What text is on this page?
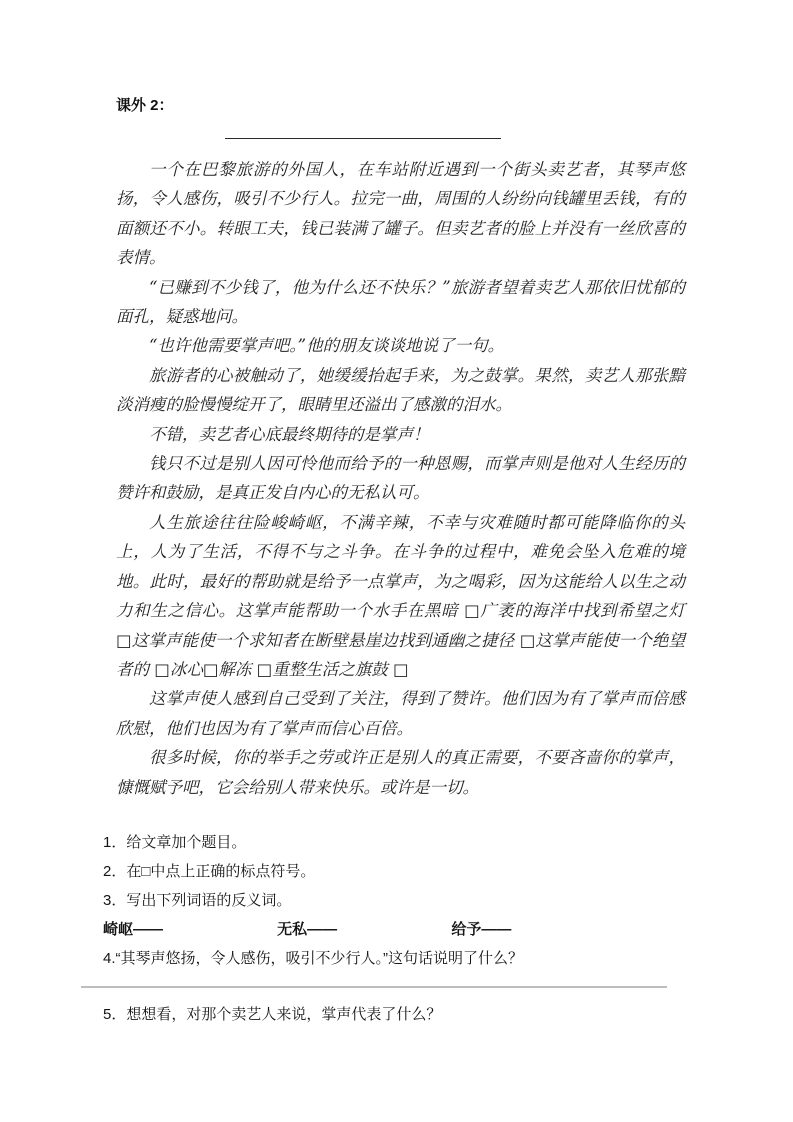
课外 2：

一个在巴黎旅游的外国人，在车站附近遇到一个街头卖艺者，其琴声悠扬，令人感伤，吸引不少行人。拉完一曲，周围的人纷纷向钱罐里丢钱，有的面额还不小。转眼工夫，钱已装满了罐子。但卖艺者的脸上并没有一丝欣喜的表情。

“已赚到不少钱了，他为什么还不快乐？”旅游者望着卖艺人那依旧忧郁的面孔，疑惑地问。

“也许他需要掌声吧。”他的朋友谈谈地说了一句。

旅游者的心被触动了，她缓缓抬起手来，为之鼓掌。果然，卖艺人那张黯淡消瘦的脸慢慢绽开了，眼睛里还溢出了感激的泪水。

不错，卖艺者心底最终期待的是掌声！

钱只不过是别人因可怜他而给予的一种恩赐，而掌声则是他对人生经历的赞许和鼓励，是真正发自内心的无私认可。

人生旅途往往险峻崎岖，不满辛辣，不幸与灾难随时都可能降临你的头上，人为了生活，不得不与之斗争。在斗争的过程中，难免会坠入危难的境地。此时，最好的帮助就是给予一点掌声，为之喝彩，因为这能给人以生之动力和生之信心。这掌声能帮助一个水手在黑暗 □广袤的海洋中找到希望之灯 □这掌声能使一个求知者在断壁悬崖边找到通幽之捷径 □这掌声能使一个绝望者的 □冰心□解冻 □重整生活之旗鼓 □

这掌声使人感到自己受到了关注，得到了赞许。他们因为有了掌声而倍感欣慰，他们也因为有了掌声而信心百倍。

很多时候，你的举手之劳或许正是别人的真正需要，不要吝啬你的掌声，慷慨赋予吧，它会给别人带来快乐。或许是一切。

1．给文章加个题目。

2．在□中点上正确的标点符号。

3．写出下列词语的反义词。

崎岖——	无私——	给予——

4.“其琴声悠扬，令人感伤，吸引不少行人。”这句话说明了什么？

5．想想看，对那个卖艺人来说，掌声代表了什么？
